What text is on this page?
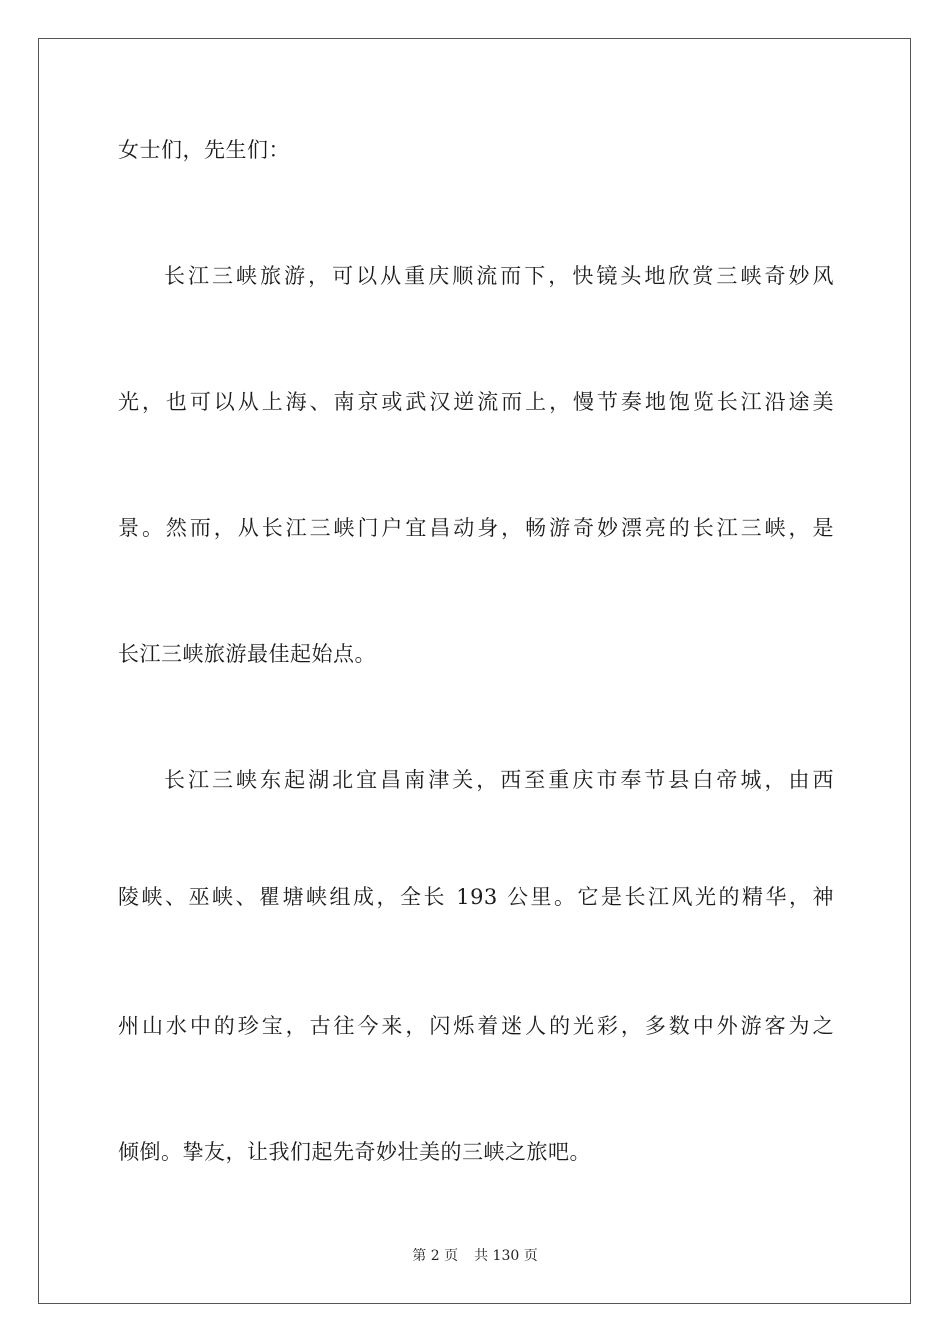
女士们，先生们：
长江三峡旅游，可以从重庆顺流而下，快镜头地欣赏三峡奇妙风
光，也可以从上海、南京或武汉逆流而上，慢节奏地饱览长江沿途美
景。然而，从长江三峡门户宜昌动身，畅游奇妙漂亮的长江三峡，是
长江三峡旅游最佳起始点。
长江三峡东起湖北宜昌南津关，西至重庆市奉节县白帝城，由西
陵峡、巫峡、瞿塘峡组成，全长 193 公里。它是长江风光的精华，神
州山水中的珍宝，古往今来，闪烁着迷人的光彩，多数中外游客为之
倾倒。挚友，让我们起先奇妙壮美的三峡之旅吧。
第 2 页 共 130 页
